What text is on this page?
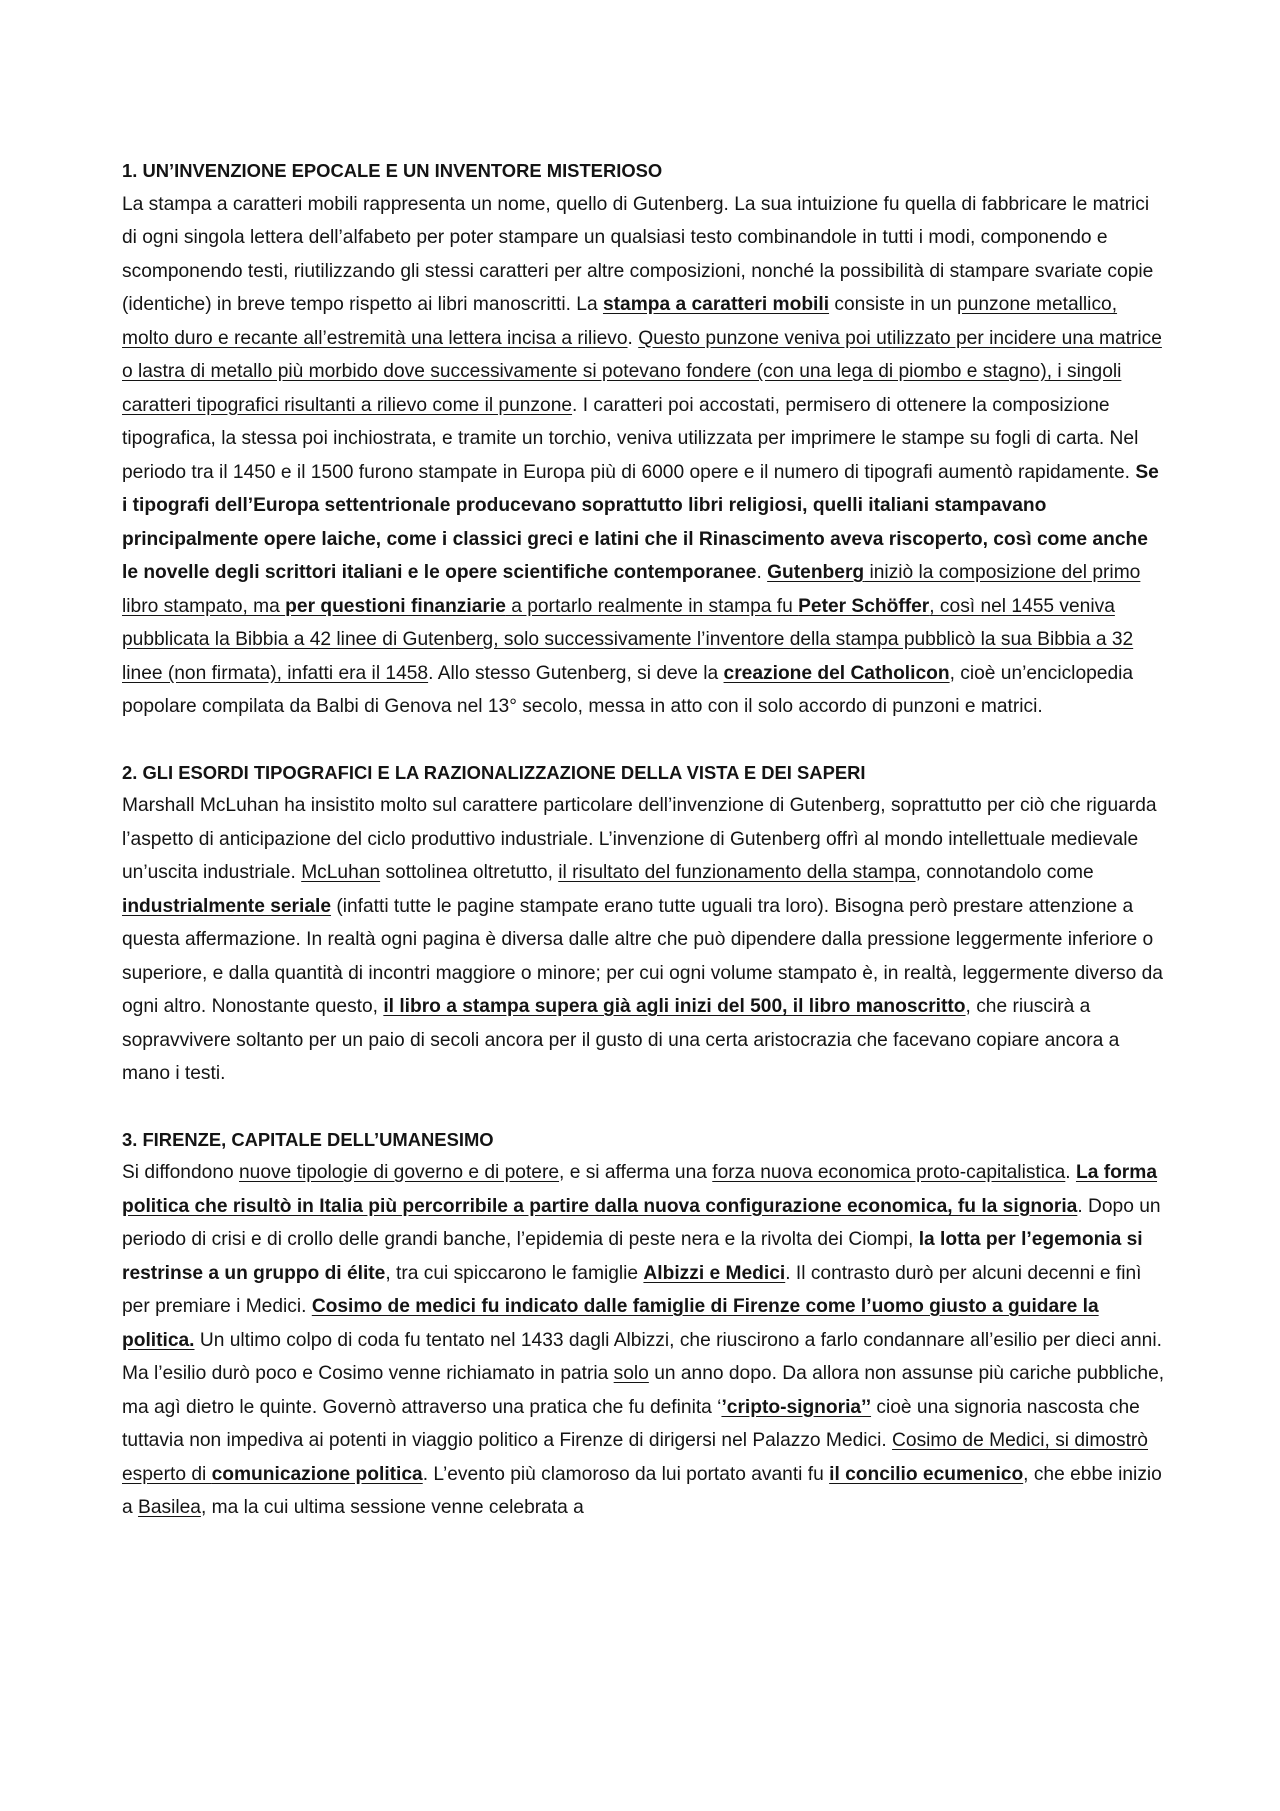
1. UN’INVENZIONE EPOCALE E UN INVENTORE MISTERIOSO

La stampa a caratteri mobili rappresenta un nome, quello di Gutenberg. La sua intuizione fu quella di fabbricare le matrici di ogni singola lettera dell’alfabeto per poter stampare un qualsiasi testo combinandole in tutti i modi, componendo e scomponendo testi, riutilizzando gli stessi caratteri per altre composizioni, nonché la possibilità di stampare svariate copie (identiche) in breve tempo rispetto ai libri manoscritti. La stampa a caratteri mobili consiste in un punzone metallico, molto duro e recante all’estremità una lettera incisa a rilievo. Questo punzone veniva poi utilizzato per incidere una matrice o lastra di metallo più morbido dove successivamente si potevano fondere (con una lega di piombo e stagno), i singoli caratteri tipografici risultanti a rilievo come il punzone. I caratteri poi accostati, permisero di ottenere la composizione tipografica, la stessa poi inchiostrata, e tramite un torchio, veniva utilizzata per imprimere le stampe su fogli di carta. Nel periodo tra il 1450 e il 1500 furono stampate in Europa più di 6000 opere e il numero di tipografi aumentò rapidamente. Se i tipografi dell’Europa settentrionale producevano soprattutto libri religiosi, quelli italiani stampavano principalmente opere laiche, come i classici greci e latini che il Rinascimento aveva riscoperto, così come anche le novelle degli scrittori italiani e le opere scientifiche contemporanee. Gutenberg iniziò la composizione del primo libro stampato, ma per questioni finanziarie a portarlo realmente in stampa fu Peter Schöffer, così nel 1455 veniva pubblicata la Bibbia a 42 linee di Gutenberg, solo successivamente l’inventore della stampa pubblicò la sua Bibbia a 32 linee (non firmata), infatti era il 1458. Allo stesso Gutenberg, si deve la creazione del Catholicon, cioè un’enciclopedia popolare compilata da Balbi di Genova nel 13° secolo, messa in atto con il solo accordo di punzoni e matrici.

2. GLI ESORDI TIPOGRAFICI E LA RAZIONALIZZAZIONE DELLA VISTA E DEI SAPERI

Marshall McLuhan ha insistito molto sul carattere particolare dell’invenzione di Gutenberg, soprattutto per ciò che riguarda l’aspetto di anticipazione del ciclo produttivo industriale. L’invenzione di Gutenberg offrì al mondo intellettuale medievale un’uscita industriale. McLuhan sottolinea oltretutto, il risultato del funzionamento della stampa, connotandolo come industrialmente seriale (infatti tutte le pagine stampate erano tutte uguali tra loro). Bisogna però prestare attenzione a questa affermazione. In realtà ogni pagina è diversa dalle altre che può dipendere dalla pressione leggermente inferiore o superiore, e dalla quantità di incontri maggiore o minore; per cui ogni volume stampato è, in realtà, leggermente diverso da ogni altro. Nonostante questo, il libro a stampa supera già agli inizi del 500, il libro manoscritto, che riuscirà a sopravvivere soltanto per un paio di secoli ancora per il gusto di una certa aristocrazia che facevano copiare ancora a mano i testi.

3. FIRENZE, CAPITALE DELL’UMANESIMO

Si diffondono nuove tipologie di governo e di potere, e si afferma una forza nuova economica proto-capitalistica. La forma politica che risultò in Italia più percorribile a partire dalla nuova configurazione economica, fu la signoria. Dopo un periodo di crisi e di crollo delle grandi banche, l’epidemia di peste nera e la rivolta dei Ciompi, la lotta per l’egemonia si restrinse a un gruppo di élite, tra cui spiccarono le famiglie Albizzi e Medici. Il contrasto durò per alcuni decenni e finì per premiare i Medici. Cosimo de medici fu indicato dalle famiglie di Firenze come l’uomo giusto a guidare la politica. Un ultimo colpo di coda fu tentato nel 1433 dagli Albizzi, che riuscirono a farlo condannare all’esilio per dieci anni. Ma l’esilio durò poco e Cosimo venne richiamato in patria solo un anno dopo. Da allora non assunse più cariche pubbliche, ma agì dietro le quinte. Governò attraverso una pratica che fu definita ‘’cripto-signoria’’ cioè una signoria nascosta che tuttavia non impediva ai potenti in viaggio politico a Firenze di dirigersi nel Palazzo Medici. Cosimo de Medici, si dimostrò esperto di comunicazione politica. L’evento più clamoroso da lui portato avanti fu il concilio ecumenico, che ebbe inizio a Basilea, ma la cui ultima sessione venne celebrata a
